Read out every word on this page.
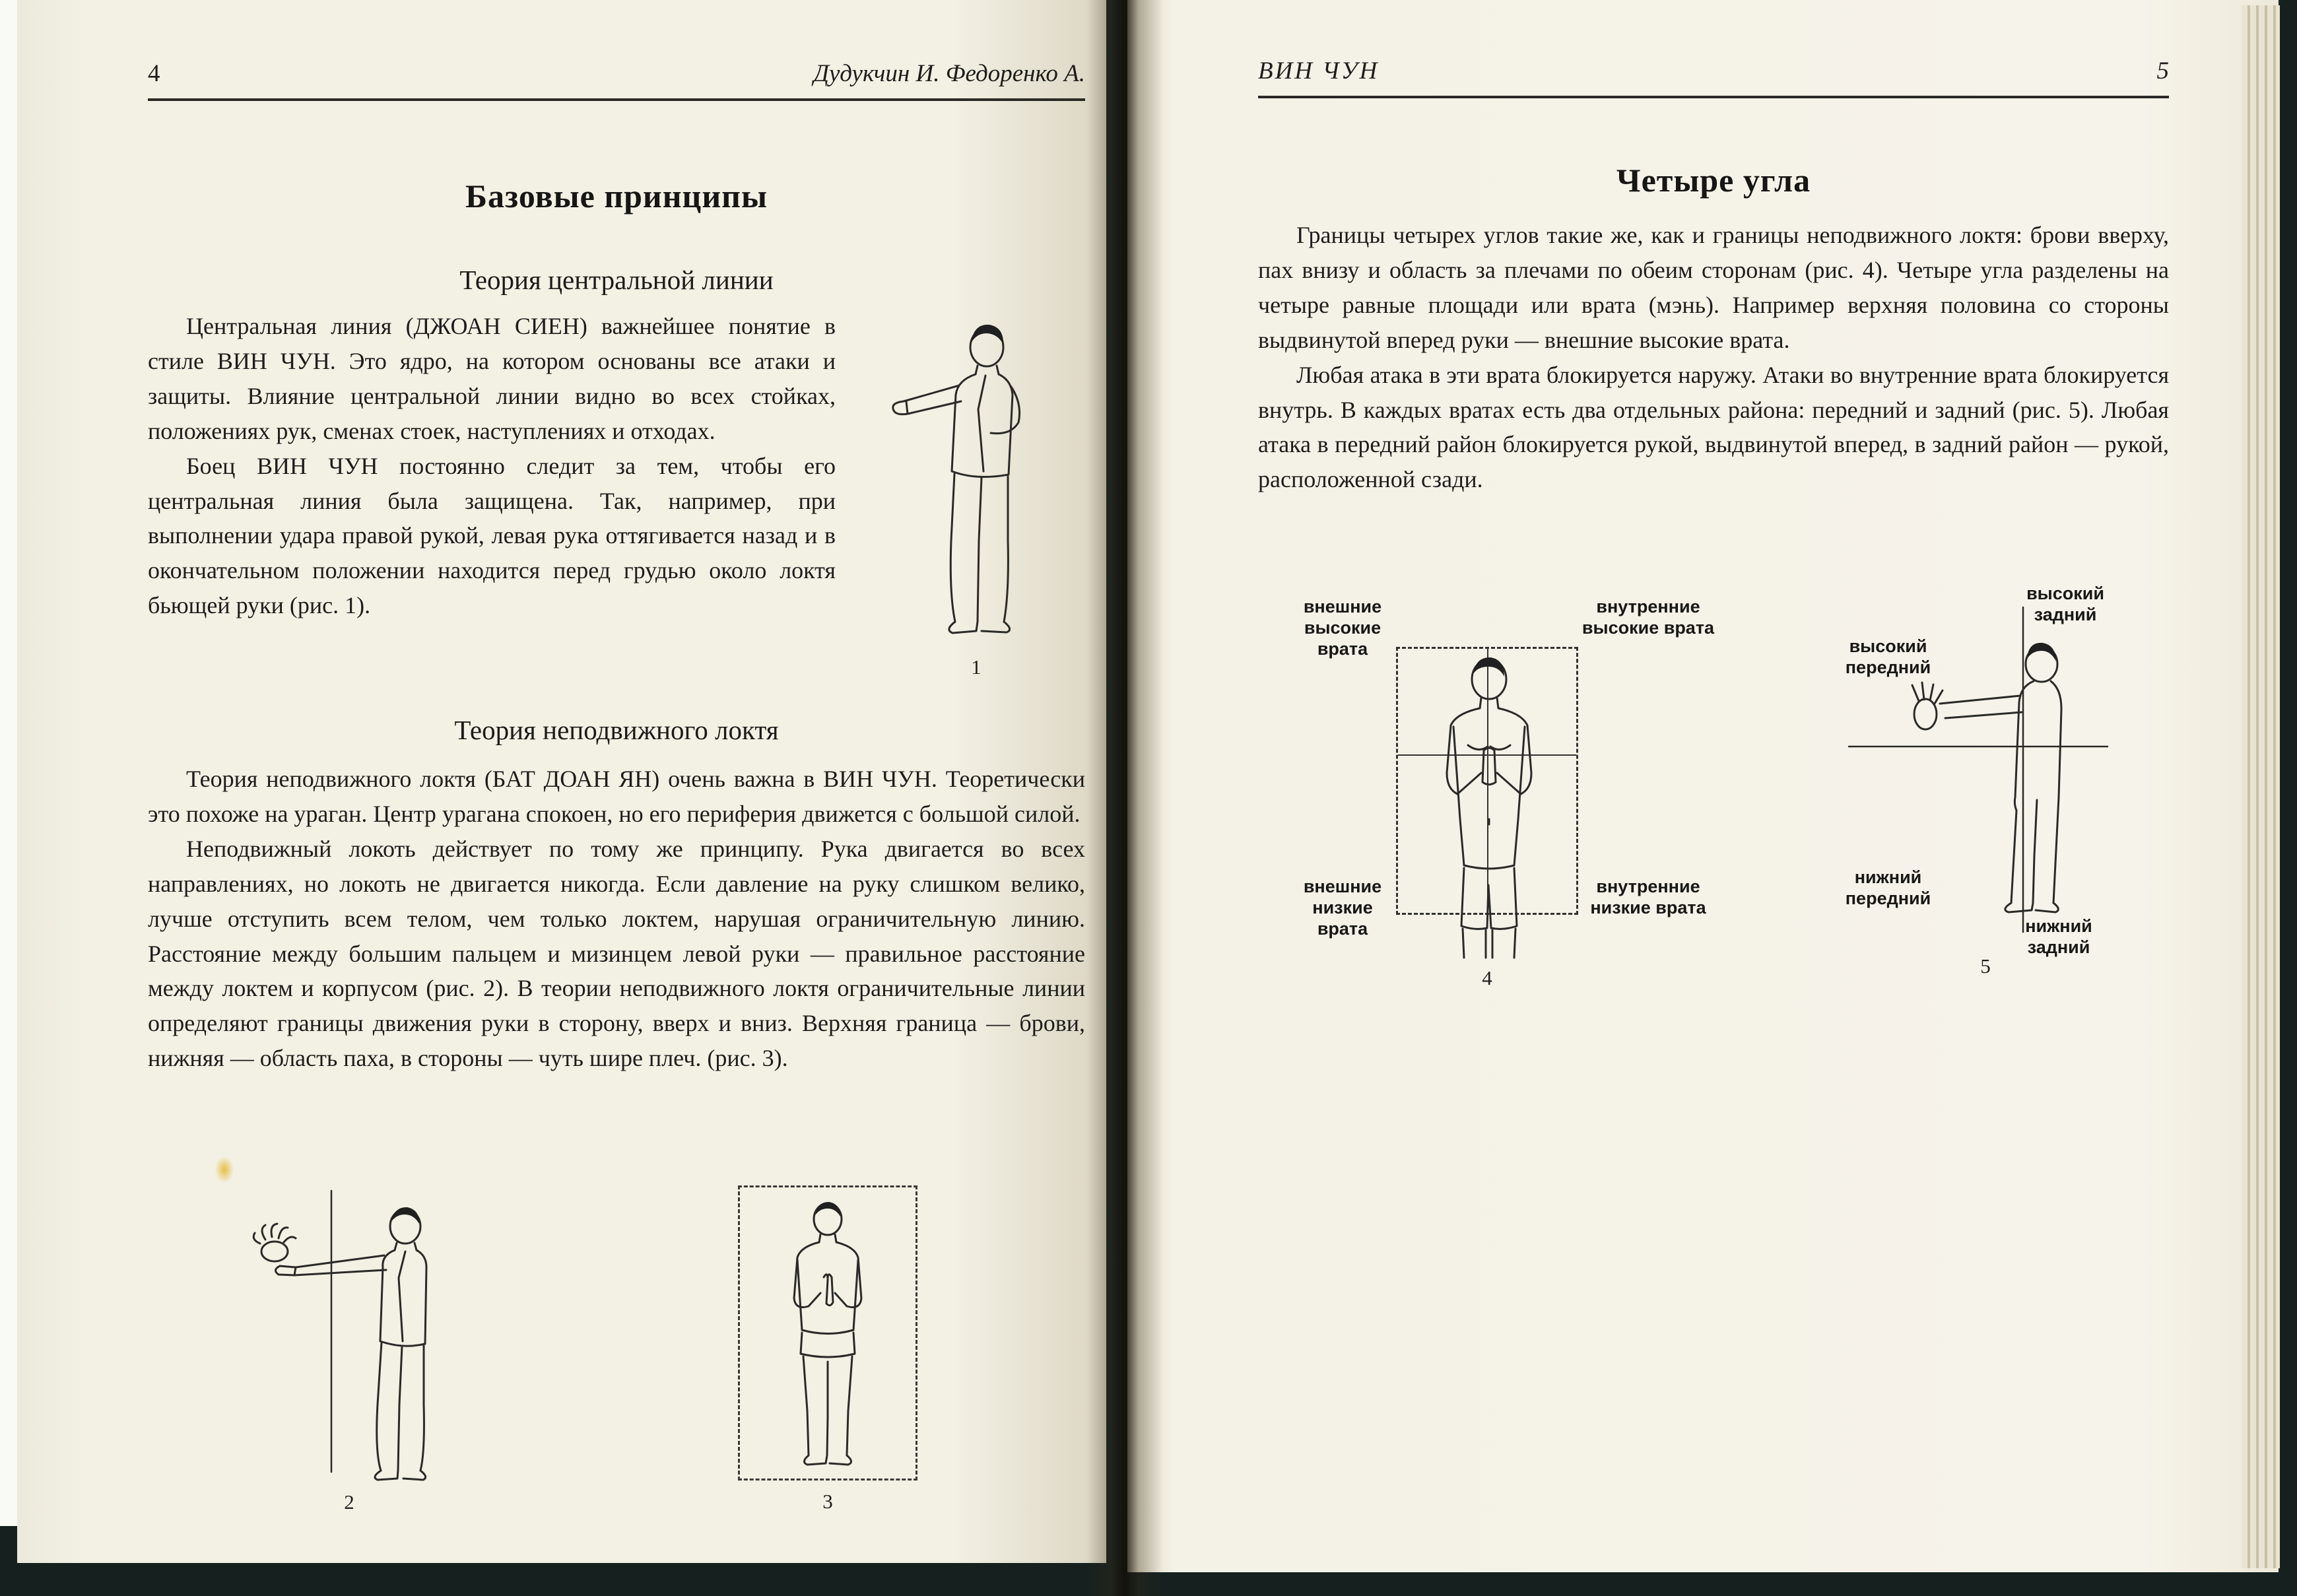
4	Дудукчин И. Федоренко А.
Базовые принципы
Теория центральной линии
1

Центральная линия (ДЖОАН СИЕН) важнейшее понятие в стиле ВИН ЧУН. Это ядро, на котором основаны все атаки и защиты. Влияние центральной линии видно во всех стойках, положениях рук, сменах стоек, наступлениях и отходах.

Боец ВИН ЧУН постоянно следит за тем, чтобы его центральная линия была защищена. Так, например, при выполнении удара правой рукой, левая рука оттягивается назад и в окончательном положении находится перед грудью около локтя бьющей руки (рис. 1).

Теория неподвижного локтя

Теория неподвижного локтя (БАТ ДОАН ЯН) очень важна в ВИН ЧУН. Теоретически это похоже на ураган. Центр урагана спокоен, но его периферия движется с большой силой.

Неподвижный локоть действует по тому же принципу. Рука двигается во всех направлениях, но локоть не двигается никогда. Если давление на руку слишком велико, лучше отступить всем телом, чем только локтем, нарушая ограничительную линию. Расстояние между большим пальцем и мизинцем левой руки — правильное расстояние между локтем и корпусом (рис. 2). В теории неподвижного локтя ограничительные линии определяют границы движения руки в сторону, вверх и вниз. Верхняя граница — брови, нижняя — область паха, в стороны — чуть шире плеч. (рис. 3).

2	3
ВИН ЧУН	5
Четыре угла

Границы четырех углов такие же, как и границы неподвижного локтя: брови вверху, пах внизу и область за плечами по обеим сторонам (рис. 4). Четыре угла разделены на четыре равные площади или врата (мэнь). Например верхняя половина со стороны выдвинутой вперед руки — внешние высокие врата.

Любая атака в эти врата блокируется наружу. Атаки во внутренние врата блокируется внутрь. В каждых вратах есть два отдельных района: передний и задний (рис. 5). Любая атака в передний район блокируется рукой, выдвинутой вперед, в задний район — рукой, расположенной сзади.

внешние высокие врата
внутренние высокие врата
внешние низкие врата
внутренние низкие врата
4
высокий задний
высокий передний
нижний передний
нижний задний
5
